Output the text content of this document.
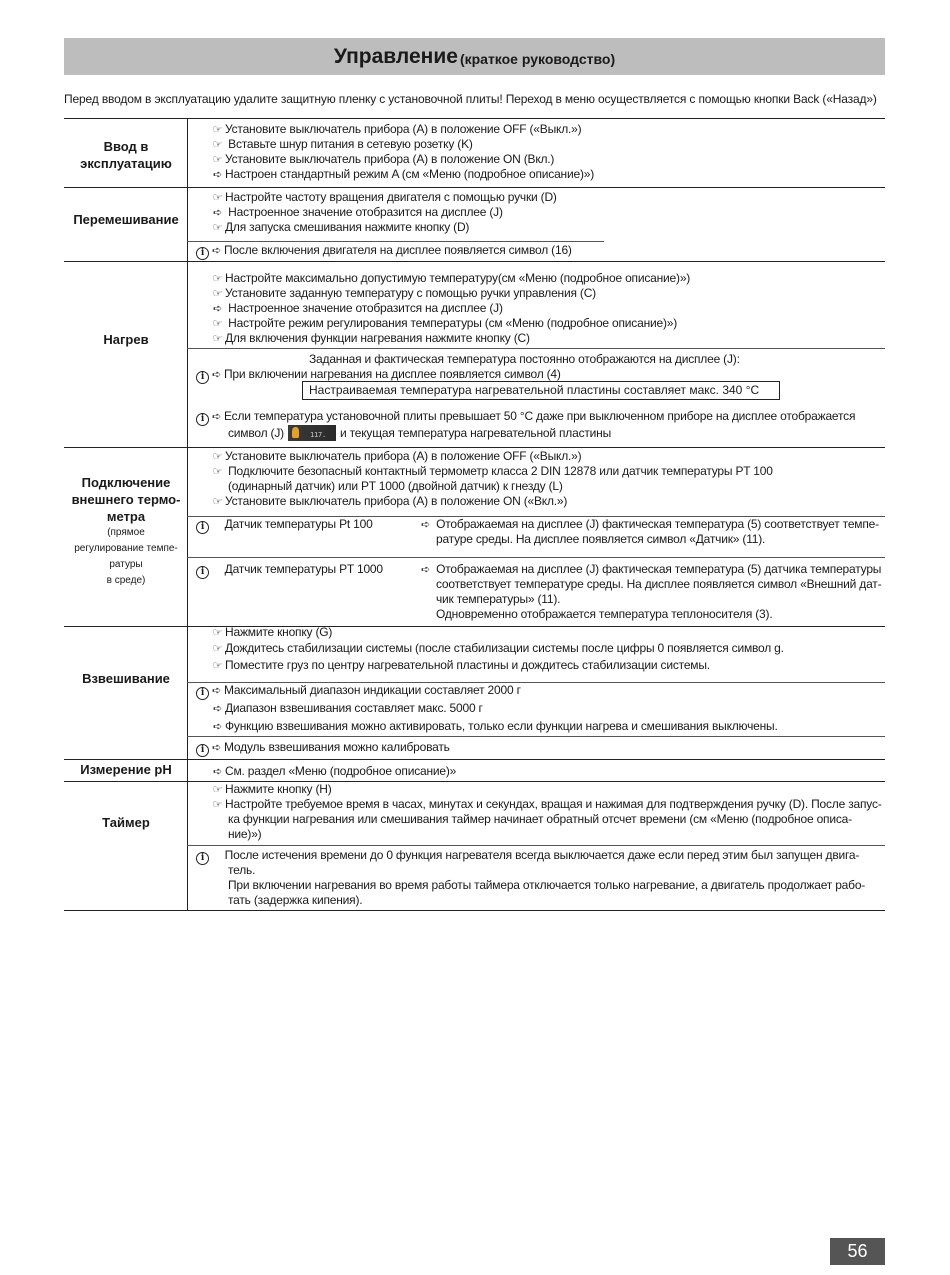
Управление (краткое руководство)
Перед вводом в эксплуатацию удалите защитную пленку с установочной плиты! Переход в меню осуществляется с помощью кнопки Back («Назад»)
Ввод в эксплуатацию
☞ Установите выключатель прибора (A) в положение OFF («Выкл.»)
☞ Вставьте шнур питания в сетевую розетку (K)
☞ Установите выключатель прибора (A) в положение ON (Вкл.)
➪ Настроен стандартный режим A (см «Меню (подробное описание)»)
Перемешивание
☞ Настройте частоту вращения двигателя с помощью ручки (D)
➪ Настроенное значение отобразится на дисплее (J)
☞ Для запуска смешивания нажмите кнопку (D)
i ➪ После включения двигателя на дисплее появляется символ (16)
Нагрев
☞ Настройте максимально допустимую температуру(см «Меню (подробное описание)»)
☞ Установите заданную температуру с помощью ручки управления (C)
➪ Настроенное значение отобразится на дисплее (J)
☞ Настройте режим регулирования температуры (см «Меню (подробное описание)»)
☞ Для включения функции нагревания нажмите кнопку (C)
Заданная и фактическая температура постоянно отображаются на дисплее (J):
i ➪ При включении нагревания на дисплее появляется символ (4)
Настраиваемая температура нагревательной пластины составляет макс. 340 °C
i ➪ Если температура установочной плиты превышает 50 °C даже при выключенном приборе на дисплее отображается
символ (J)	117. и текущая температура нагревательной пластины
Подключение
внешнего термо-
метра
(прямое
регулирование темпе-
ратуры
в среде)
☞ Установите выключатель прибора (A) в положение OFF («Выкл.»)
☞ Подключите безопасный контактный термометр класса 2 DIN 12878 или датчик температуры PT 100
(одинарный датчик) или PT 1000 (двойной датчик) к гнезду (L)
☞ Установите выключатель прибора (A) в положение ON («Вкл.»)
i Датчик температуры Pt 100	➪ Отображаемая на дисплее (J) фактическая температура (5) соответствует темпе-
ратуре среды. На дисплее появляется символ «Датчик» (11).
i Датчик температуры PT 1000	➪ Отображаемая на дисплее (J) фактическая температура (5) датчика температуры
соответствует температуре среды. На дисплее появляется символ «Внешний дат-
чик температуры» (11).
Одновременно отображается температура теплоносителя (3).
Взвешивание
☞ Нажмите кнопку (G)
☞ Дождитесь стабилизации системы (после стабилизации системы после цифры 0 появляется символ g.
☞ Поместите груз по центру нагревательной пластины и дождитесь стабилизации системы.
i ➪ Максимальный диапазон индикации составляет 2000 г
➪ Диапазон взвешивания составляет макс. 5000 г
➪ Функцию взвешивания можно активировать, только если функции нагрева и смешивания выключены.
i ➪ Модуль взвешивания можно калибровать
Измерение pH	➪ См. раздел «Меню (подробное описание)»
Таймер
☞ Нажмите кнопку (H)
☞ Настройте требуемое время в часах, минутах и секундах, вращая и нажимая для подтверждения ручку (D). После запус-
ка функции нагревания или смешивания таймер начинает обратный отсчет времени (см «Меню (подробное описа-
ние)»)
i После истечения времени до 0 функция нагревателя всегда выключается даже если перед этим был запущен двига-
тель.
При включении нагревания во время работы таймера отключается только нагревание, а двигатель продолжает рабо-
тать (задержка кипения).
56
